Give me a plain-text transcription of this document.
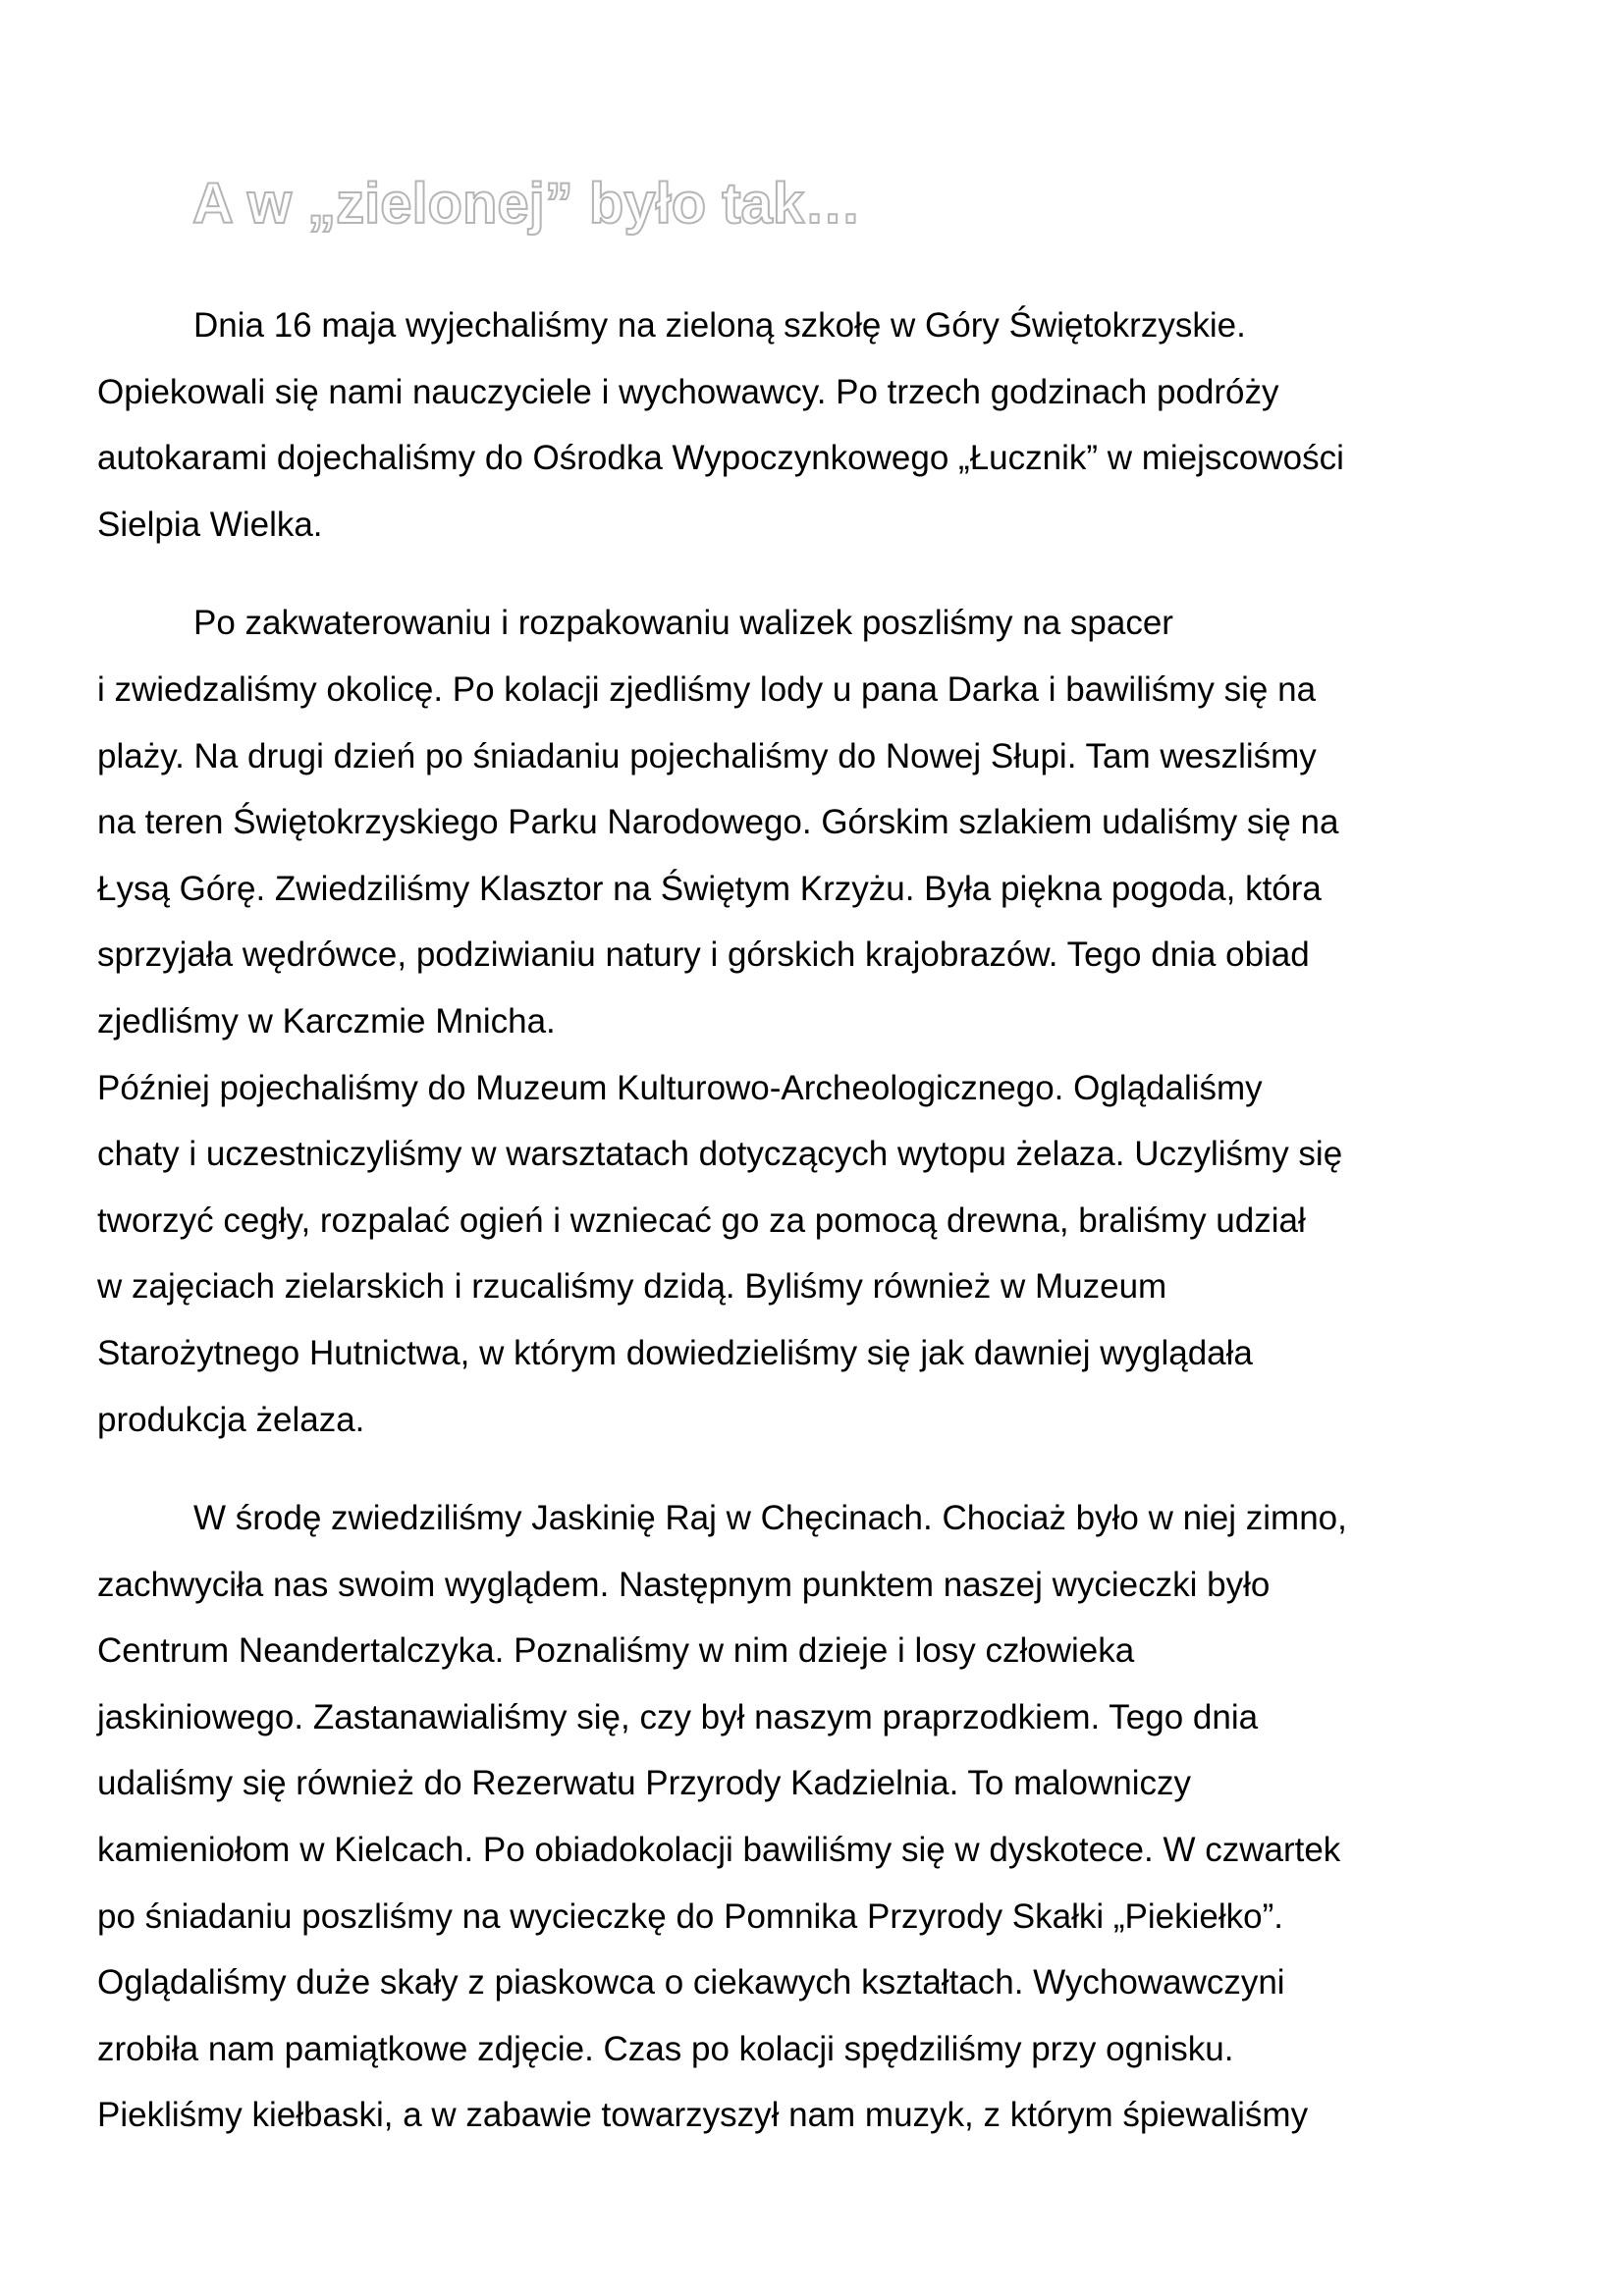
A w „zielonej” było tak…
Dnia 16 maja wyjechaliśmy na zieloną szkołę w Góry Świętokrzyskie.
Opiekowali się nami nauczyciele i wychowawcy. Po trzech godzinach podróży
autokarami dojechaliśmy do Ośrodka Wypoczynkowego „Łucznik” w miejscowości
Sielpia Wielka.
Po zakwaterowaniu i rozpakowaniu walizek poszliśmy na spacer
i zwiedzaliśmy okolicę. Po kolacji zjedliśmy lody u pana Darka i bawiliśmy się na
plaży. Na drugi dzień po śniadaniu pojechaliśmy do Nowej Słupi. Tam weszliśmy
na teren Świętokrzyskiego Parku Narodowego. Górskim szlakiem udaliśmy się na
Łysą Górę. Zwiedziliśmy Klasztor na Świętym Krzyżu. Była piękna pogoda, która
sprzyjała wędrówce, podziwianiu natury i górskich krajobrazów. Tego dnia obiad
zjedliśmy w Karczmie Mnicha.
Później pojechaliśmy do Muzeum Kulturowo-Archeologicznego. Oglądaliśmy
chaty i uczestniczyliśmy w warsztatach dotyczących wytopu żelaza. Uczyliśmy się
tworzyć cegły, rozpalać ogień i wzniecać go za pomocą drewna, braliśmy udział
w zajęciach zielarskich i rzucaliśmy dzidą. Byliśmy również w Muzeum
Starożytnego Hutnictwa, w którym dowiedzieliśmy się jak dawniej wyglądała
produkcja żelaza.
W środę zwiedziliśmy Jaskinię Raj w Chęcinach. Chociaż było w niej zimno,
zachwyciła nas swoim wyglądem. Następnym punktem naszej wycieczki było
Centrum Neandertalczyka. Poznaliśmy w nim dzieje i losy człowieka
jaskiniowego. Zastanawialiśmy się, czy był naszym praprzodkiem. Tego dnia
udaliśmy się również do Rezerwatu Przyrody Kadzielnia. To malowniczy
kamieniołom w Kielcach. Po obiadokolacji bawiliśmy się w dyskotece. W czwartek
po śniadaniu poszliśmy na wycieczkę do Pomnika Przyrody Skałki „Piekiełko”.
Oglądaliśmy duże skały z piaskowca o ciekawych kształtach. Wychowawczyni
zrobiła nam pamiątkowe zdjęcie. Czas po kolacji spędziliśmy przy ognisku.
Piekliśmy kiełbaski, a w zabawie towarzyszył nam muzyk, z którym śpiewaliśmy
